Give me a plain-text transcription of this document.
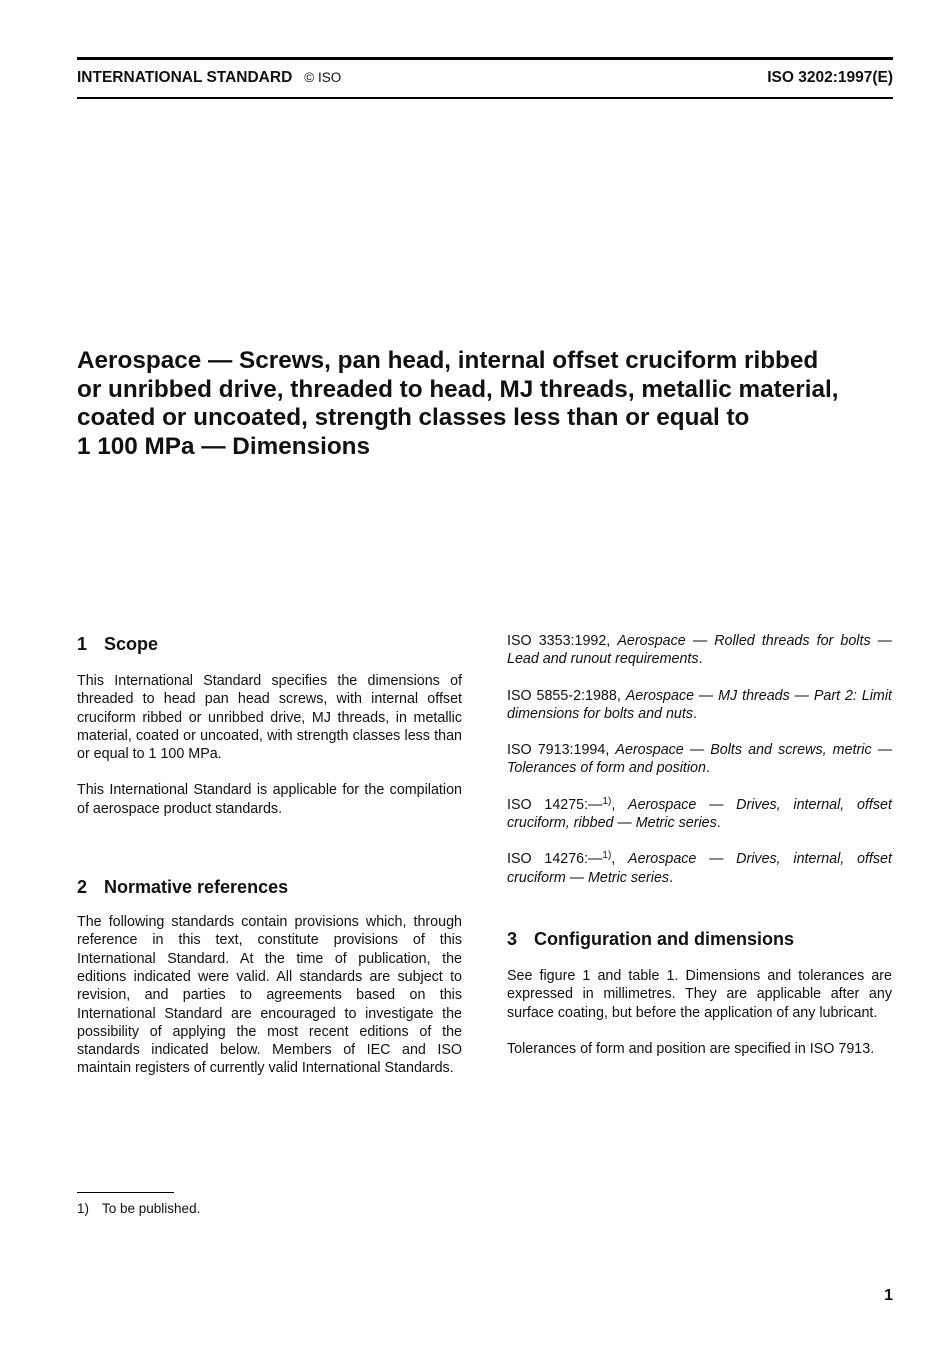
INTERNATIONAL STANDARD © ISO	ISO 3202:1997(E)
Aerospace — Screws, pan head, internal offset cruciform ribbed
or unribbed drive, threaded to head, MJ threads, metallic material,
coated or uncoated, strength classes less than or equal to
1 100 MPa — Dimensions
1 Scope

This International Standard specifies the dimensions of threaded to head pan head screws, with internal offset cruciform ribbed or unribbed drive, MJ threads, in metallic material, coated or uncoated, with strength classes less than or equal to 1 100 MPa.

This International Standard is applicable for the compilation of aerospace product standards.

2 Normative references

The following standards contain provisions which, through reference in this text, constitute provisions of this International Standard. At the time of publication, the editions indicated were valid. All standards are subject to revision, and parties to agreements based on this International Standard are encouraged to investigate the possibility of applying the most recent editions of the standards indicated below. Members of IEC and ISO maintain registers of currently valid International Standards.

ISO 3353:1992, Aerospace — Rolled threads for bolts — Lead and runout requirements.

ISO 5855-2:1988, Aerospace — MJ threads — Part 2: Limit dimensions for bolts and nuts.

ISO 7913:1994, Aerospace — Bolts and screws, metric — Tolerances of form and position.

ISO 14275:—$^{1)}$, Aerospace — Drives, internal, offset cruciform, ribbed — Metric series.

ISO 14276:—$^{1)}$, Aerospace — Drives, internal, offset cruciform — Metric series.

3 Configuration and dimensions

See figure 1 and table 1. Dimensions and tolerances are expressed in millimetres. They are applicable after any surface coating, but before the application of any lubricant.

Tolerances of form and position are specified in ISO 7913.

1) To be published.
1
